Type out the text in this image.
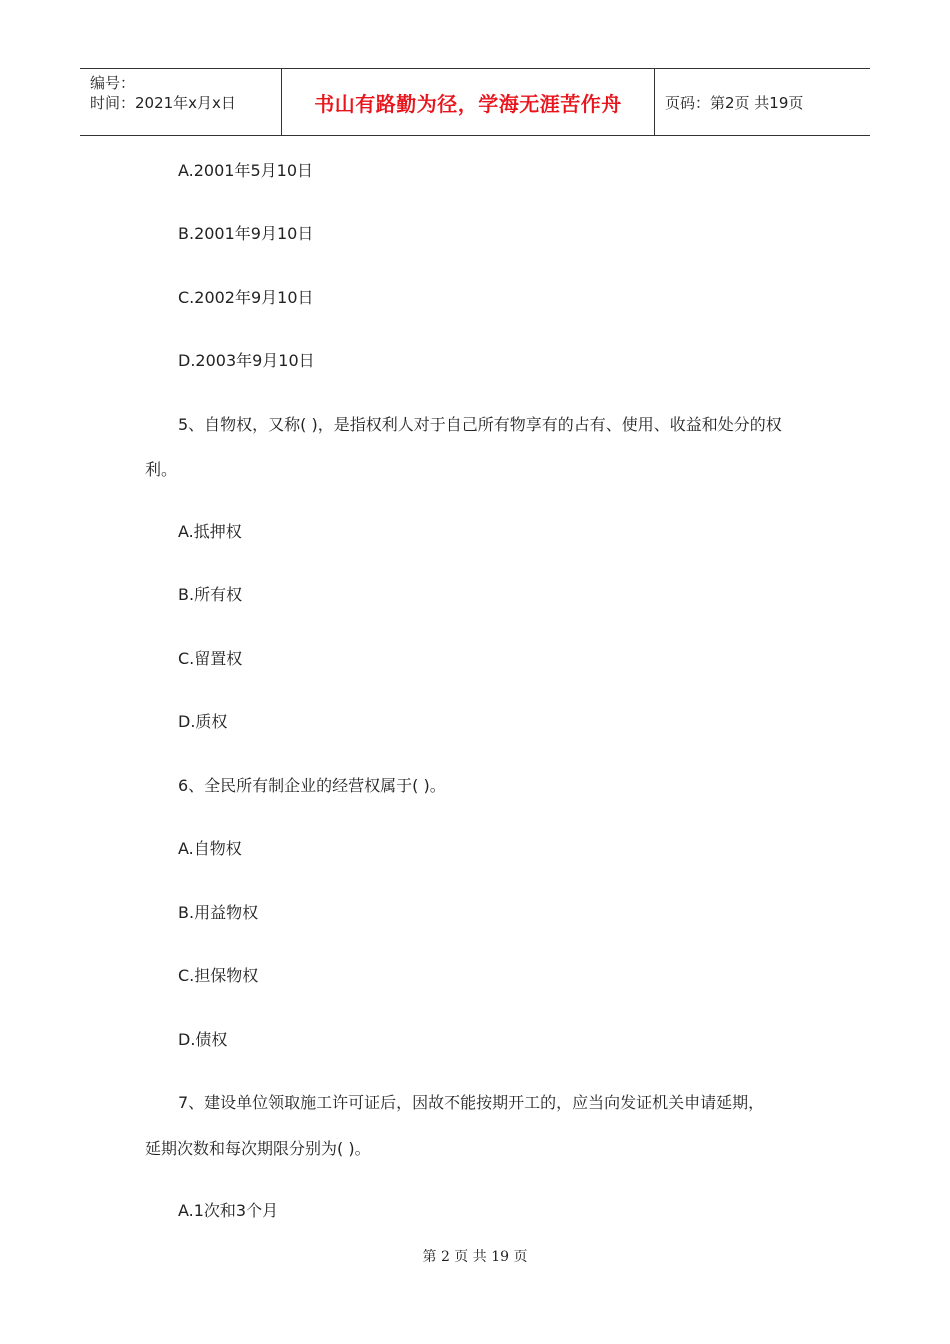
编号：
时间：2021年x月x日	书山有路勤为径，学海无涯苦作舟	页码：第2页 共19页
A.2001年5月10日
B.2001年9月10日
C.2002年9月10日
D.2003年9月10日
5、自物权，又称( )，是指权利人对于自己所有物享有的占有、使用、收益和处分的权
利。
A.抵押权
B.所有权
C.留置权
D.质权
6、全民所有制企业的经营权属于( )。
A.自物权
B.用益物权
C.担保物权
D.债权
7、建设单位领取施工许可证后，因故不能按期开工的，应当向发证机关申请延期，
延期次数和每次期限分别为( )。
A.1次和3个月
第 2 页 共 19 页
